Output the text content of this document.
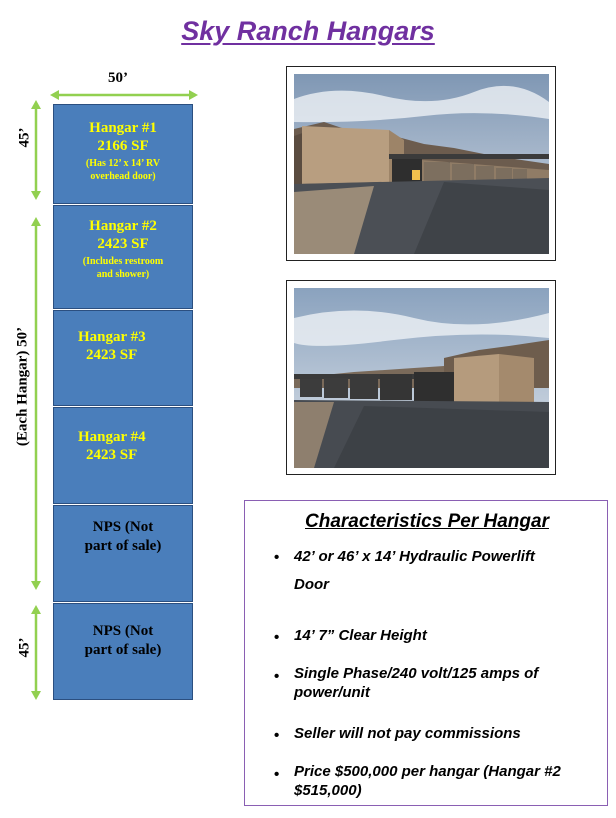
Sky Ranch Hangars
50’
45’
(Each Hangar) 50’
45’
Hangar #1
2166 SF
(Has 12’ x 14’ RV
overhead door)
Hangar #2
2423 SF
(Includes restroom
and shower)
Hangar #3
2423 SF
Hangar #4
2423 SF
NPS (Not
part of sale)
NPS (Not
part of sale)
Characteristics Per Hangar
• 42’ or 46’ x 14’ Hydraulic Powerlift
Door
• 14’ 7” Clear Height
• Single Phase/240 volt/125 amps of
power/unit
• Seller will not pay commissions
• Price $500,000 per hangar (Hangar #2
$515,000)
